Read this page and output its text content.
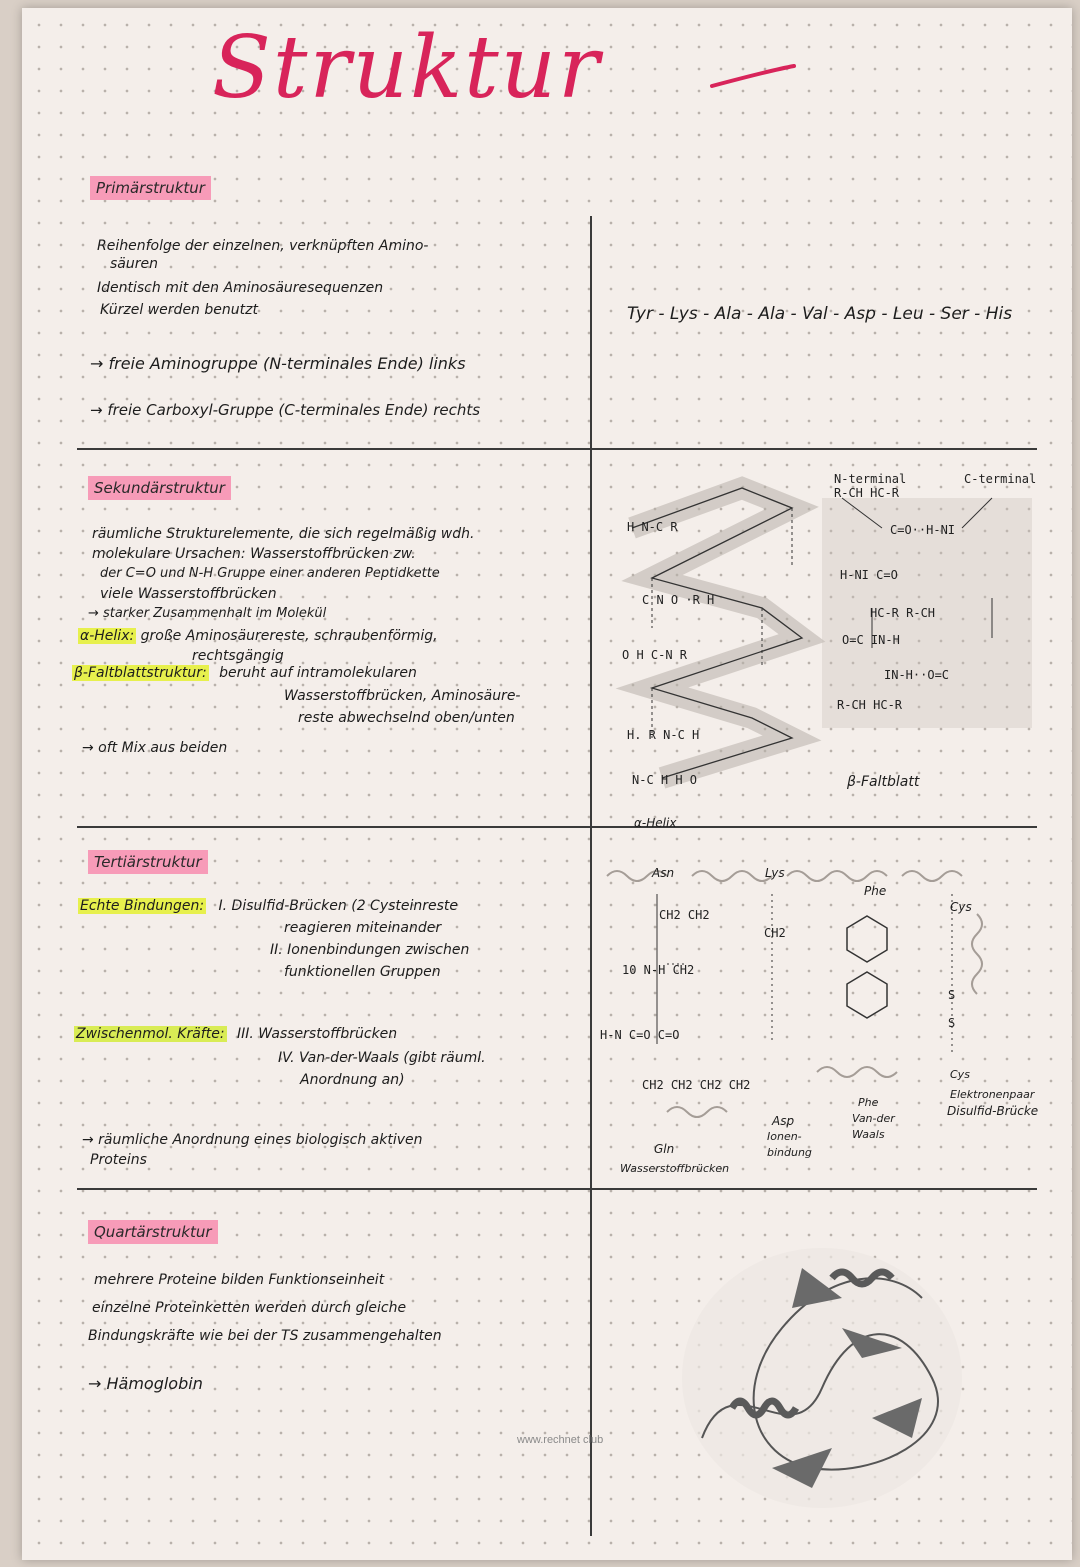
Struktur
Primärstruktur
Reihenfolge der einzelnen, verknüpften Amino-
säuren
Identisch mit den Aminosäuresequenzen
Kürzel werden benutzt
→ freie Aminogruppe (N-terminales Ende) links
→ freie Carboxyl-Gruppe (C-terminales Ende) rechts
Tyr - Lys - Ala - Ala - Val - Asp - Leu - Ser - His
Sekundärstruktur
räumliche Strukturelemente, die sich regelmäßig wdh.
molekulare Ursachen: Wasserstoffbrücken zw.
der C=O und N-H Gruppe einer anderen Peptidkette
viele Wasserstoffbrücken
→ starker Zusammenhalt im Molekül
α-Helix: große Aminosäurereste, schraubenförmig,
rechtsgängig
β-Faltblattstruktur: beruht auf intramolekularen
Wasserstoffbrücken, Aminosäure-
reste abwechselnd oben/unten
→ oft Mix aus beiden
H N-C R
C N O ·R H
O H C-N R
H. R N-C H
N-C H H O
α-Helix
N-terminal	C-terminal
R-CH HC-R
C=O··H-NI
H-NI C=O
HC-R R-CH
O=C IN-H
IN-H··O=C
R-CH HC-R
β-Faltblatt
Tertiärstruktur
Echte Bindungen: I. Disulfid-Brücken (2 Cysteinreste
reagieren miteinander
II. Ionenbindungen zwischen
funktionellen Gruppen
Zwischenmol. Kräfte: III. Wasserstoffbrücken
IV. Van-der-Waals (gibt räuml.
Anordnung an)
→ räumliche Anordnung eines biologisch aktiven
Proteins
Asn	Lys
Phe
Cys
CH2 CH2
CH2
10 N-H CH2
H-N C=O C=O
S
S
CH2 CH2 CH2 CH2
Gln
Asp
Wasserstoffbrücken
Ionen-
bindung
Phe
Van-der
Waals
Cys
Elektronenpaar
Disulfid-Brücke
Quartärstruktur
mehrere Proteine bilden Funktionseinheit
einzelne Proteinketten werden durch gleiche
Bindungskräfte wie bei der TS zusammengehalten
→ Hämoglobin
www.rechnet club
